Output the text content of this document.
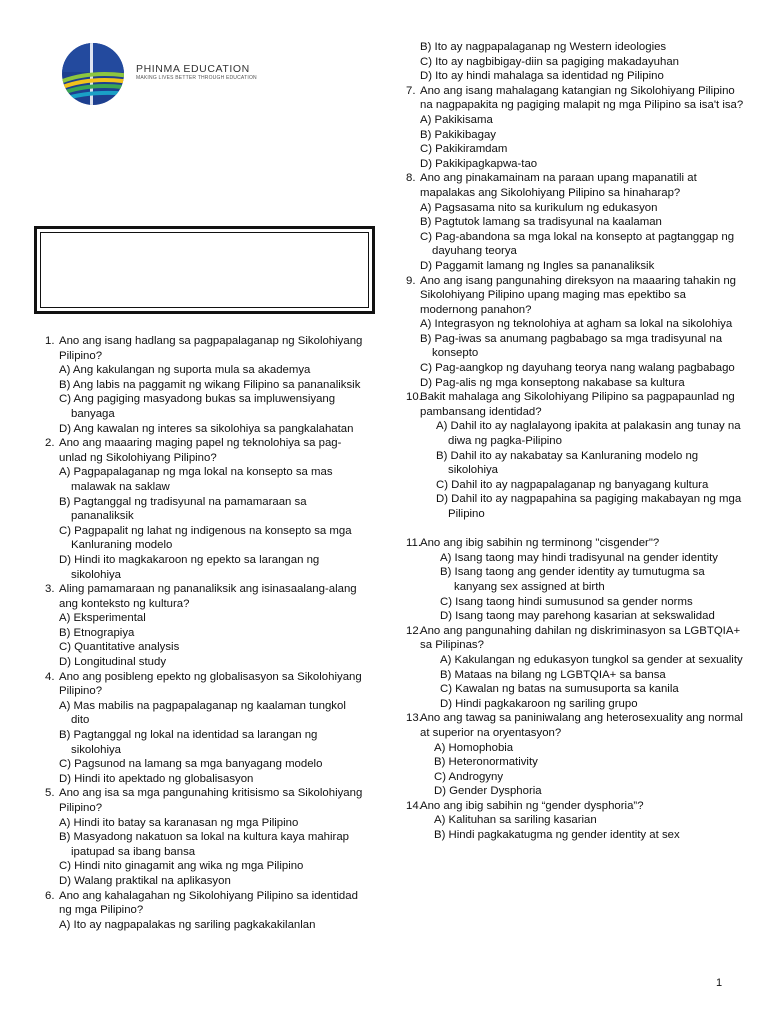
PHINMA EDUCATION
MAKING LIVES BETTER THROUGH EDUCATION
1. Ano ang isang hadlang sa pagpapalaganap ng Sikolohiyang Pilipino?
A) Ang kakulangan ng suporta mula sa akademya
B) Ang labis na paggamit ng wikang Filipino sa pananaliksik
C) Ang pagiging masyadong bukas sa impluwensiyang banyaga
D) Ang kawalan ng interes sa sikolohiya sa pangkalahatan
2. Ano ang maaaring maging papel ng teknolohiya sa pag-unlad ng Sikolohiyang Pilipino?
A) Pagpapalaganap ng mga lokal na konsepto sa mas malawak na saklaw
B) Pagtanggal ng tradisyunal na pamamaraan sa pananaliksik
C) Pagpapalit ng lahat ng indigenous na konsepto sa mga Kanluraning modelo
D) Hindi ito magkakaroon ng epekto sa larangan ng sikolohiya
3. Aling pamamaraan ng pananaliksik ang isinasaalang-alang ang konteksto ng kultura?
A) Eksperimental
B) Etnograpiya
C) Quantitative analysis
D) Longitudinal study
4. Ano ang posibleng epekto ng globalisasyon sa Sikolohiyang Pilipino?
A) Mas mabilis na pagpapalaganap ng kaalaman tungkol dito
B) Pagtanggal ng lokal na identidad sa larangan ng sikolohiya
C) Pagsunod na lamang sa mga banyagang modelo
D) Hindi ito apektado ng globalisasyon
5. Ano ang isa sa mga pangunahing kritisismo sa Sikolohiyang Pilipino?
A) Hindi ito batay sa karanasan ng mga Pilipino
B) Masyadong nakatuon sa lokal na kultura kaya mahirap ipatupad sa ibang bansa
C) Hindi nito ginagamit ang wika ng mga Pilipino
D) Walang praktikal na aplikasyon
6. Ano ang kahalagahan ng Sikolohiyang Pilipino sa identidad ng mga Pilipino?
A) Ito ay nagpapalakas ng sariling pagkakakilanlan
B) Ito ay nagpapalaganap ng Western ideologies
C) Ito ay nagbibigay-diin sa pagiging makadayuhan
D) Ito ay hindi mahalaga sa identidad ng Pilipino
7. Ano ang isang mahalagang katangian ng Sikolohiyang Pilipino na nagpapakita ng pagiging malapit ng mga Pilipino sa isa't isa?
A) Pakikisama
B) Pakikibagay
C) Pakikiramdam
D) Pakikipagkapwa-tao
8. Ano ang pinakamainam na paraan upang mapanatili at mapalakas ang Sikolohiyang Pilipino sa hinaharap?
A) Pagsasama nito sa kurikulum ng edukasyon
B) Pagtutok lamang sa tradisyunal na kaalaman
C) Pag-abandona sa mga lokal na konsepto at pagtanggap ng dayuhang teorya
D) Paggamit lamang ng Ingles sa pananaliksik
9. Ano ang isang pangunahing direksyon na maaaring tahakin ng Sikolohiyang Pilipino upang maging mas epektibo sa modernong panahon?
A) Integrasyon ng teknolohiya at agham sa lokal na sikolohiya
B) Pag-iwas sa anumang pagbabago sa mga tradisyunal na konsepto
C) Pag-aangkop ng dayuhang teorya nang walang pagbabago
D) Pag-alis ng mga konseptong nakabase sa kultura
10.Bakit mahalaga ang Sikolohiyang Pilipino sa pagpapaunlad ng pambansang identidad?
A) Dahil ito ay naglalayong ipakita at palakasin ang tunay na diwa ng pagka-Pilipino
B) Dahil ito ay nakabatay sa Kanluraning modelo ng sikolohiya
C) Dahil ito ay nagpapalaganap ng banyagang kultura
D) Dahil ito ay nagpapahina sa pagiging makabayan ng mga Pilipino
11.Ano ang ibig sabihin ng terminong "cisgender"?
A) Isang taong may hindi tradisyunal na gender identity
B) Isang taong ang gender identity ay tumutugma sa kanyang sex assigned at birth
C) Isang taong hindi sumusunod sa gender norms
D) Isang taong may parehong kasarian at sekswalidad
12.Ano ang pangunahing dahilan ng diskriminasyon sa LGBTQIA+ sa Pilipinas?
A) Kakulangan ng edukasyon tungkol sa gender at sexuality
B) Mataas na bilang ng LGBTQIA+ sa bansa
C) Kawalan ng batas na sumusuporta sa kanila
D) Hindi pagkakaroon ng sariling grupo
13.Ano ang tawag sa paniniwalang ang heterosexuality ang normal at superior na oryentasyon?
A) Homophobia
B) Heteronormativity
C) Androgyny
D) Gender Dysphoria
14.Ano ang ibig sabihin ng “gender dysphoria”?
A) Kalituhan sa sariling kasarian
B) Hindi pagkakatugma ng gender identity at sex
1
